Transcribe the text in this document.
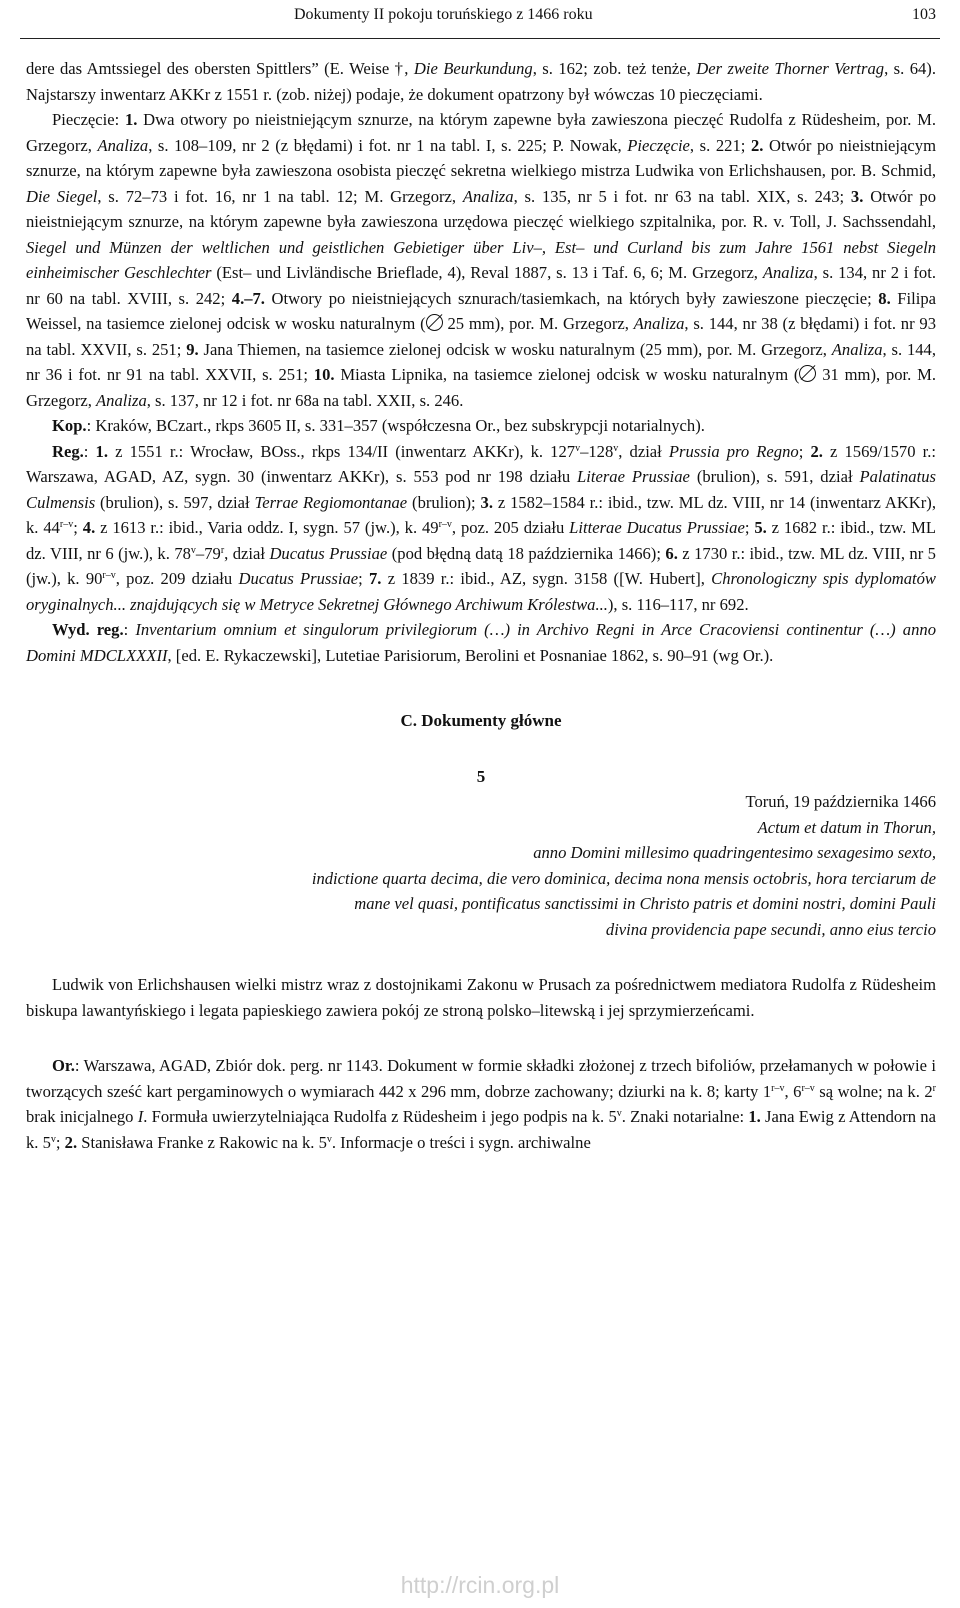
Dokumenty II pokoju toruńskiego z 1466 roku	103

dere das Amtssiegel des obersten Spittlers” (E. Weise †, Die Beurkundung, s. 162; zob. też tenże, Der zweite Thorner Vertrag, s. 64). Najstarszy inwentarz AKKr z 1551 r. (zob. niżej) podaje, że dokument opatrzony był wówczas 10 pieczęciami.

Pieczęcie: 1. Dwa otwory po nieistniejącym sznurze, na którym zapewne była zawieszona pieczęć Rudolfa z Rüdesheim, por. M. Grzegorz, Analiza, s. 108–109, nr 2 (z błędami) i fot. nr 1 na tabl. I, s. 225; P. Nowak, Pieczęcie, s. 221; 2. Otwór po nieistniejącym sznurze, na którym zapewne była zawieszona osobista pieczęć sekretna wielkiego mistrza Ludwika von Erlichshausen, por. B. Schmid, Die Siegel, s. 72–73 i fot. 16, nr 1 na tabl. 12; M. Grzegorz, Analiza, s. 135, nr 5 i fot. nr 63 na tabl. XIX, s. 243; 3. Otwór po nieistniejącym sznurze, na którym zapewne była zawieszona urzędowa pieczęć wielkiego szpitalnika, por. R. v. Toll, J. Sachssendahl, Siegel und Münzen der weltlichen und geistlichen Gebietiger über Liv–, Est– und Curland bis zum Jahre 1561 nebst Siegeln einheimischer Geschlechter (Est– und Livländische Brieflade, 4), Reval 1887, s. 13 i Taf. 6, 6; M. Grzegorz, Analiza, s. 134, nr 2 i fot. nr 60 na tabl. XVIII, s. 242; 4.–7. Otwory po nieistniejących sznurach/tasiemkach, na których były zawieszone pieczęcie; 8. Filipa Weissel, na tasiemce zielonej odcisk w wosku naturalnym ( 25 mm), por. M. Grzegorz, Analiza, s. 144, nr 38 (z błędami) i fot. nr 93 na tabl. XXVII, s. 251; 9. Jana Thiemen, na tasiemce zielonej odcisk w wosku naturalnym (25 mm), por. M. Grzegorz, Analiza, s. 144, nr 36 i fot. nr 91 na tabl. XXVII, s. 251; 10. Miasta Lipnika, na tasiemce zielonej odcisk w wosku naturalnym ( 31 mm), por. M. Grzegorz, Analiza, s. 137, nr 12 i fot. nr 68a na tabl. XXII, s. 246.

Kop.: Kraków, BCzart., rkps 3605 II, s. 331–357 (współczesna Or., bez subskrypcji notarialnych).

Reg.: 1. z 1551 r.: Wrocław, BOss., rkps 134/II (inwentarz AKKr), k. 127$^v$–128$^v$, dział Prussia pro Regno; 2. z 1569/1570 r.: Warszawa, AGAD, AZ, sygn. 30 (inwentarz AKKr), s. 553 pod nr 198 działu Literae Prussiae (brulion), s. 591, dział Palatinatus Culmensis (brulion), s. 597, dział Terrae Regiomontanae (brulion); 3. z 1582–1584 r.: ibid., tzw. ML dz. VIII, nr 14 (inwentarz AKKr), k. 44$^{r-v}$; 4. z 1613 r.: ibid., Varia oddz. I, sygn. 57 (jw.), k. 49$^{r-v}$, poz. 205 działu Litterae Ducatus Prussiae; 5. z 1682 r.: ibid., tzw. ML dz. VIII, nr 6 (jw.), k. 78$^v$–79$^r$, dział Ducatus Prussiae (pod błędną datą 18 października 1466); 6. z 1730 r.: ibid., tzw. ML dz. VIII, nr 5 (jw.), k. 90$^{r-v}$, poz. 209 działu Ducatus Prussiae; 7. z 1839 r.: ibid., AZ, sygn. 3158 ([W. Hubert], Chronologiczny spis dyplomatów oryginalnych... znajdujących się w Metryce Sekretnej Głównego Archiwum Królestwa...), s. 116–117, nr 692.

Wyd. reg.: Inventarium omnium et singulorum privilegiorum (…) in Archivo Regni in Arce Cracoviensi continentur (…) anno Domini MDCLXXXII, [ed. E. Rykaczewski], Lutetiae Parisiorum, Berolini et Posnaniae 1862, s. 90–91 (wg Or.).

C. Dokumenty główne

5

Toruń, 19 października 1466

Actum et datum in Thorun,

anno Domini millesimo quadringentesimo sexagesimo sexto,

indictione quarta decima, die vero dominica, decima nona mensis octobris, hora terciarum de

mane vel quasi, pontificatus sanctissimi in Christo patris et domini nostri, domini Pauli

divina providencia pape secundi, anno eius tercio

Ludwik von Erlichshausen wielki mistrz wraz z dostojnikami Zakonu w Prusach za pośrednictwem mediatora Rudolfa z Rüdesheim biskupa lawantyńskiego i legata papieskiego zawiera pokój ze stroną polsko–litewską i jej sprzymierzeńcami.

Or.: Warszawa, AGAD, Zbiór dok. perg. nr 1143. Dokument w formie składki złożonej z trzech bifoliów, przełamanych w połowie i tworzących sześć kart pergaminowych o wymiarach 442 x 296 mm, dobrze zachowany; dziurki na k. 8; karty 1$^{r-v}$, 6$^{r-v}$ są wolne; na k. 2$^r$ brak inicjalnego I. Formuła uwierzytelniająca Rudolfa z Rüdesheim i jego podpis na k. 5$^v$. Znaki notarialne: 1. Jana Ewig z Attendorn na k. 5$^v$; 2. Stanisława Franke z Rakowic na k. 5$^v$. Informacje o treści i sygn. archiwalne

http://rcin.org.pl
